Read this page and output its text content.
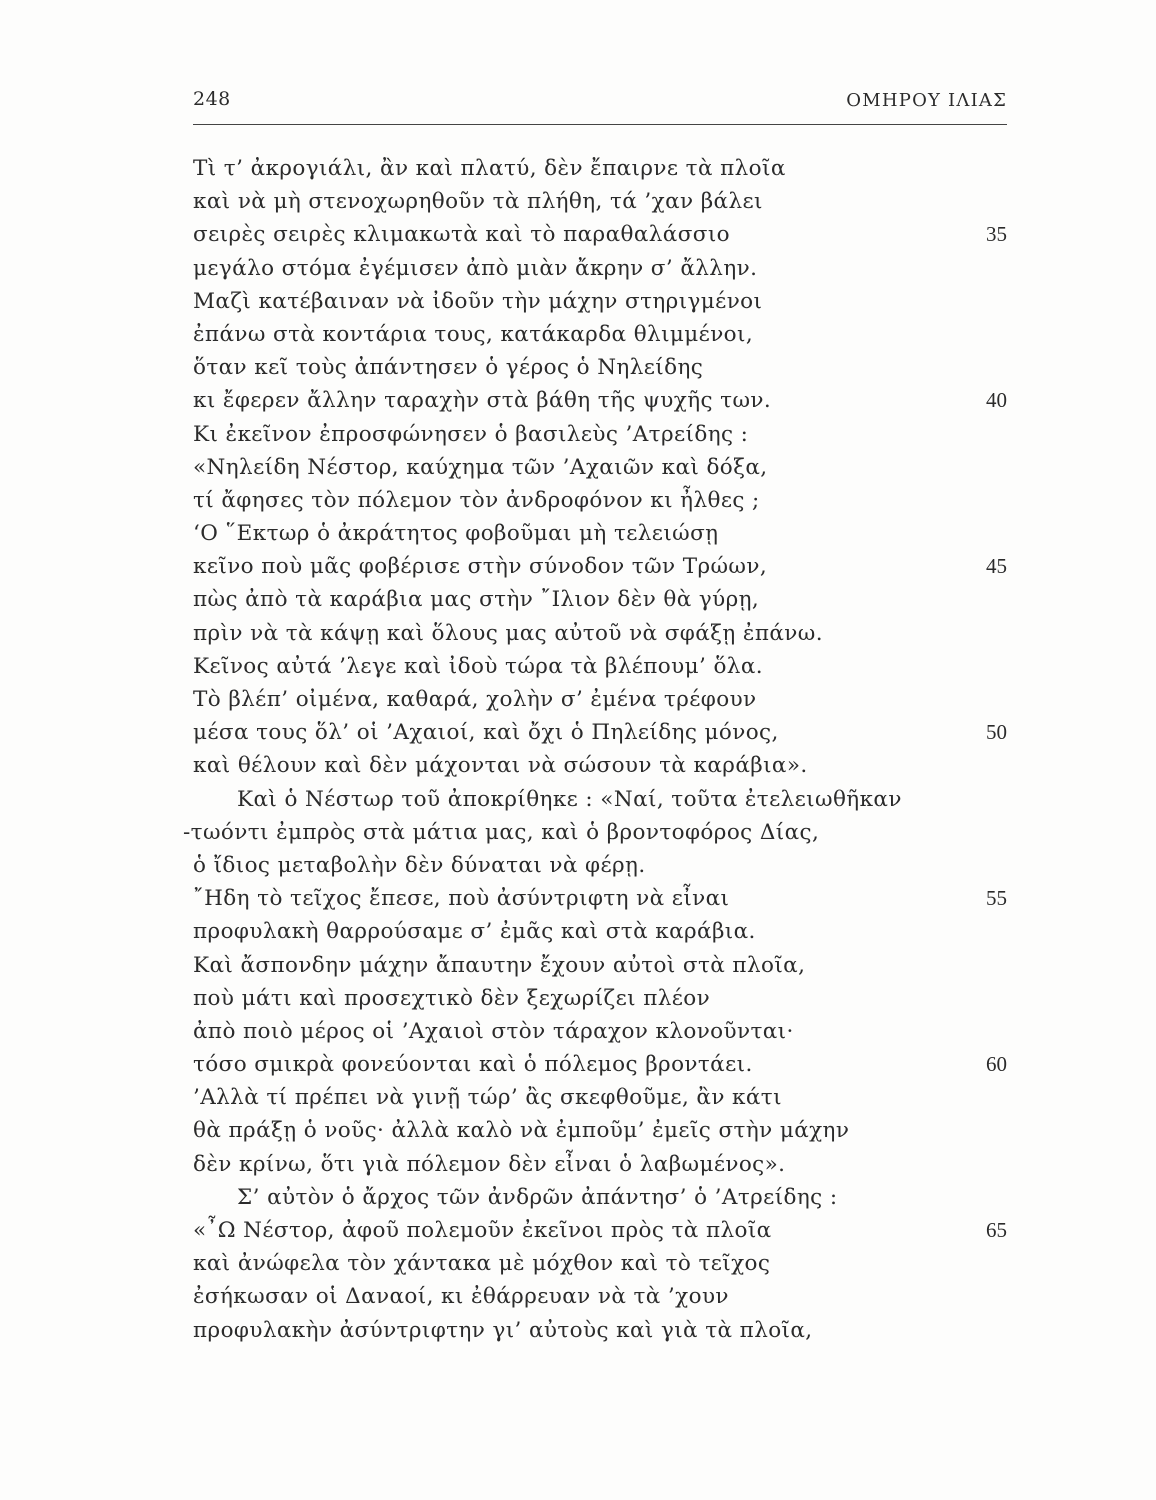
248	ΟΜΗΡΟΥ ΙΛΙΑΣ
Τὶ τ’ ἀκρογιάλι, ἂν καὶ πλατύ, δὲν ἔπαιρνε τὰ πλοῖα
καὶ νὰ μὴ στενοχωρηθοῦν τὰ πλήθη, τά ’χαν βάλει
σειρὲς σειρὲς κλιμακωτὰ καὶ τὸ παραθαλάσσιο	35
μεγάλο στόμα ἐγέμισεν ἀπὸ μιὰν ἄκρην σ’ ἄλλην.
Μαζὶ κατέβαιναν νὰ ἰδοῦν τὴν μάχην στηριγμένοι
ἐπάνω στὰ κοντάρια τους, κατάκαρδα θλιμμένοι,
ὅταν κεῖ τοὺς ἀπάντησεν ὁ γέρος ὁ Νηλείδης
κι ἔφερεν ἄλλην ταραχὴν στὰ βάθη τῆς ψυχῆς των.	40
Κι ἐκεῖνον ἐπροσφώνησεν ὁ βασιλεὺς ’Ατρείδης :
«Νηλείδη Νέστορ, καύχημα τῶν ’Αχαιῶν καὶ δόξα,
τί ἄφησες τὸν πόλεμον τὸν ἀνδροφόνον κι ἦλθες ;
‘Ο ῞Εκτωρ ὁ ἀκράτητος φοβοῦμαι μὴ τελειώσῃ
κεῖνο ποὺ μᾶς φοβέρισε στὴν σύνοδον τῶν Τρώων,	45
πὼς ἀπὸ τὰ καράβια μας στὴν ῎Ιλιον δὲν θὰ γύρῃ,
πρὶν νὰ τὰ κάψῃ καὶ ὅλους μας αὐτοῦ νὰ σφάξῃ ἐπάνω.
Κεῖνος αὐτά ’λεγε καὶ ἰδοὺ τώρα τὰ βλέπουμ’ ὅλα.
Τὸ βλέπ’ οἰμένα, καθαρά, χολὴν σ’ ἐμένα τρέφουν
μέσα τους ὅλ’ οἱ ’Αχαιοί, καὶ ὄχι ὁ Πηλείδης μόνος,	50
καὶ θέλουν καὶ δὲν μάχονται νὰ σώσουν τὰ καράβια».
Καὶ ὁ Νέστωρ τοῦ ἀποκρίθηκε : «Ναί, τοῦτα ἐτελειωθῆκαν
-τωόντι ἐμπρὸς στὰ μάτια μας, καὶ ὁ βροντοφόρος Δίας,
ὁ ἴδιος μεταβολὴν δὲν δύναται νὰ φέρῃ.
῎Ηδη τὸ τεῖχος ἔπεσε, ποὺ ἀσύντριφτη νὰ εἶναι	55
προφυλακὴ θαρρούσαμε σ’ ἐμᾶς καὶ στὰ καράβια.
Καὶ ἄσπονδην μάχην ἄπαυτην ἔχουν αὐτοὶ στὰ πλοῖα,
ποὺ μάτι καὶ προσεχτικὸ δὲν ξεχωρίζει πλέον
ἀπὸ ποιὸ μέρος οἱ ’Αχαιοὶ στὸν τάραχον κλονοῦνται·
τόσο σμικρὰ φονεύονται καὶ ὁ πόλεμος βροντάει.	60
’Αλλὰ τί πρέπει νὰ γινῇ τώρ’ ἂς σκεφθοῦμε, ἂν κάτι
θὰ πράξῃ ὁ νοῦς· ἀλλὰ καλὸ νὰ ἐμποῦμ’ ἐμεῖς στὴν μάχην
δὲν κρίνω, ὅτι γιὰ πόλεμον δὲν εἶναι ὁ λαβωμένος».
Σ’ αὐτὸν ὁ ἄρχος τῶν ἀνδρῶν ἀπάντησ’ ὁ ’Ατρείδης :
«῏Ω Νέστορ, ἀφοῦ πολεμοῦν ἐκεῖνοι πρὸς τὰ πλοῖα	65
καὶ ἀνώφελα τὸν χάντακα μὲ μόχθον καὶ τὸ τεῖχος
ἐσήκωσαν οἱ Δαναοί, κι ἐθάρρευαν νὰ τὰ ’χουν
προφυλακὴν ἀσύντριφτην γι’ αὐτοὺς καὶ γιὰ τὰ πλοῖα,
